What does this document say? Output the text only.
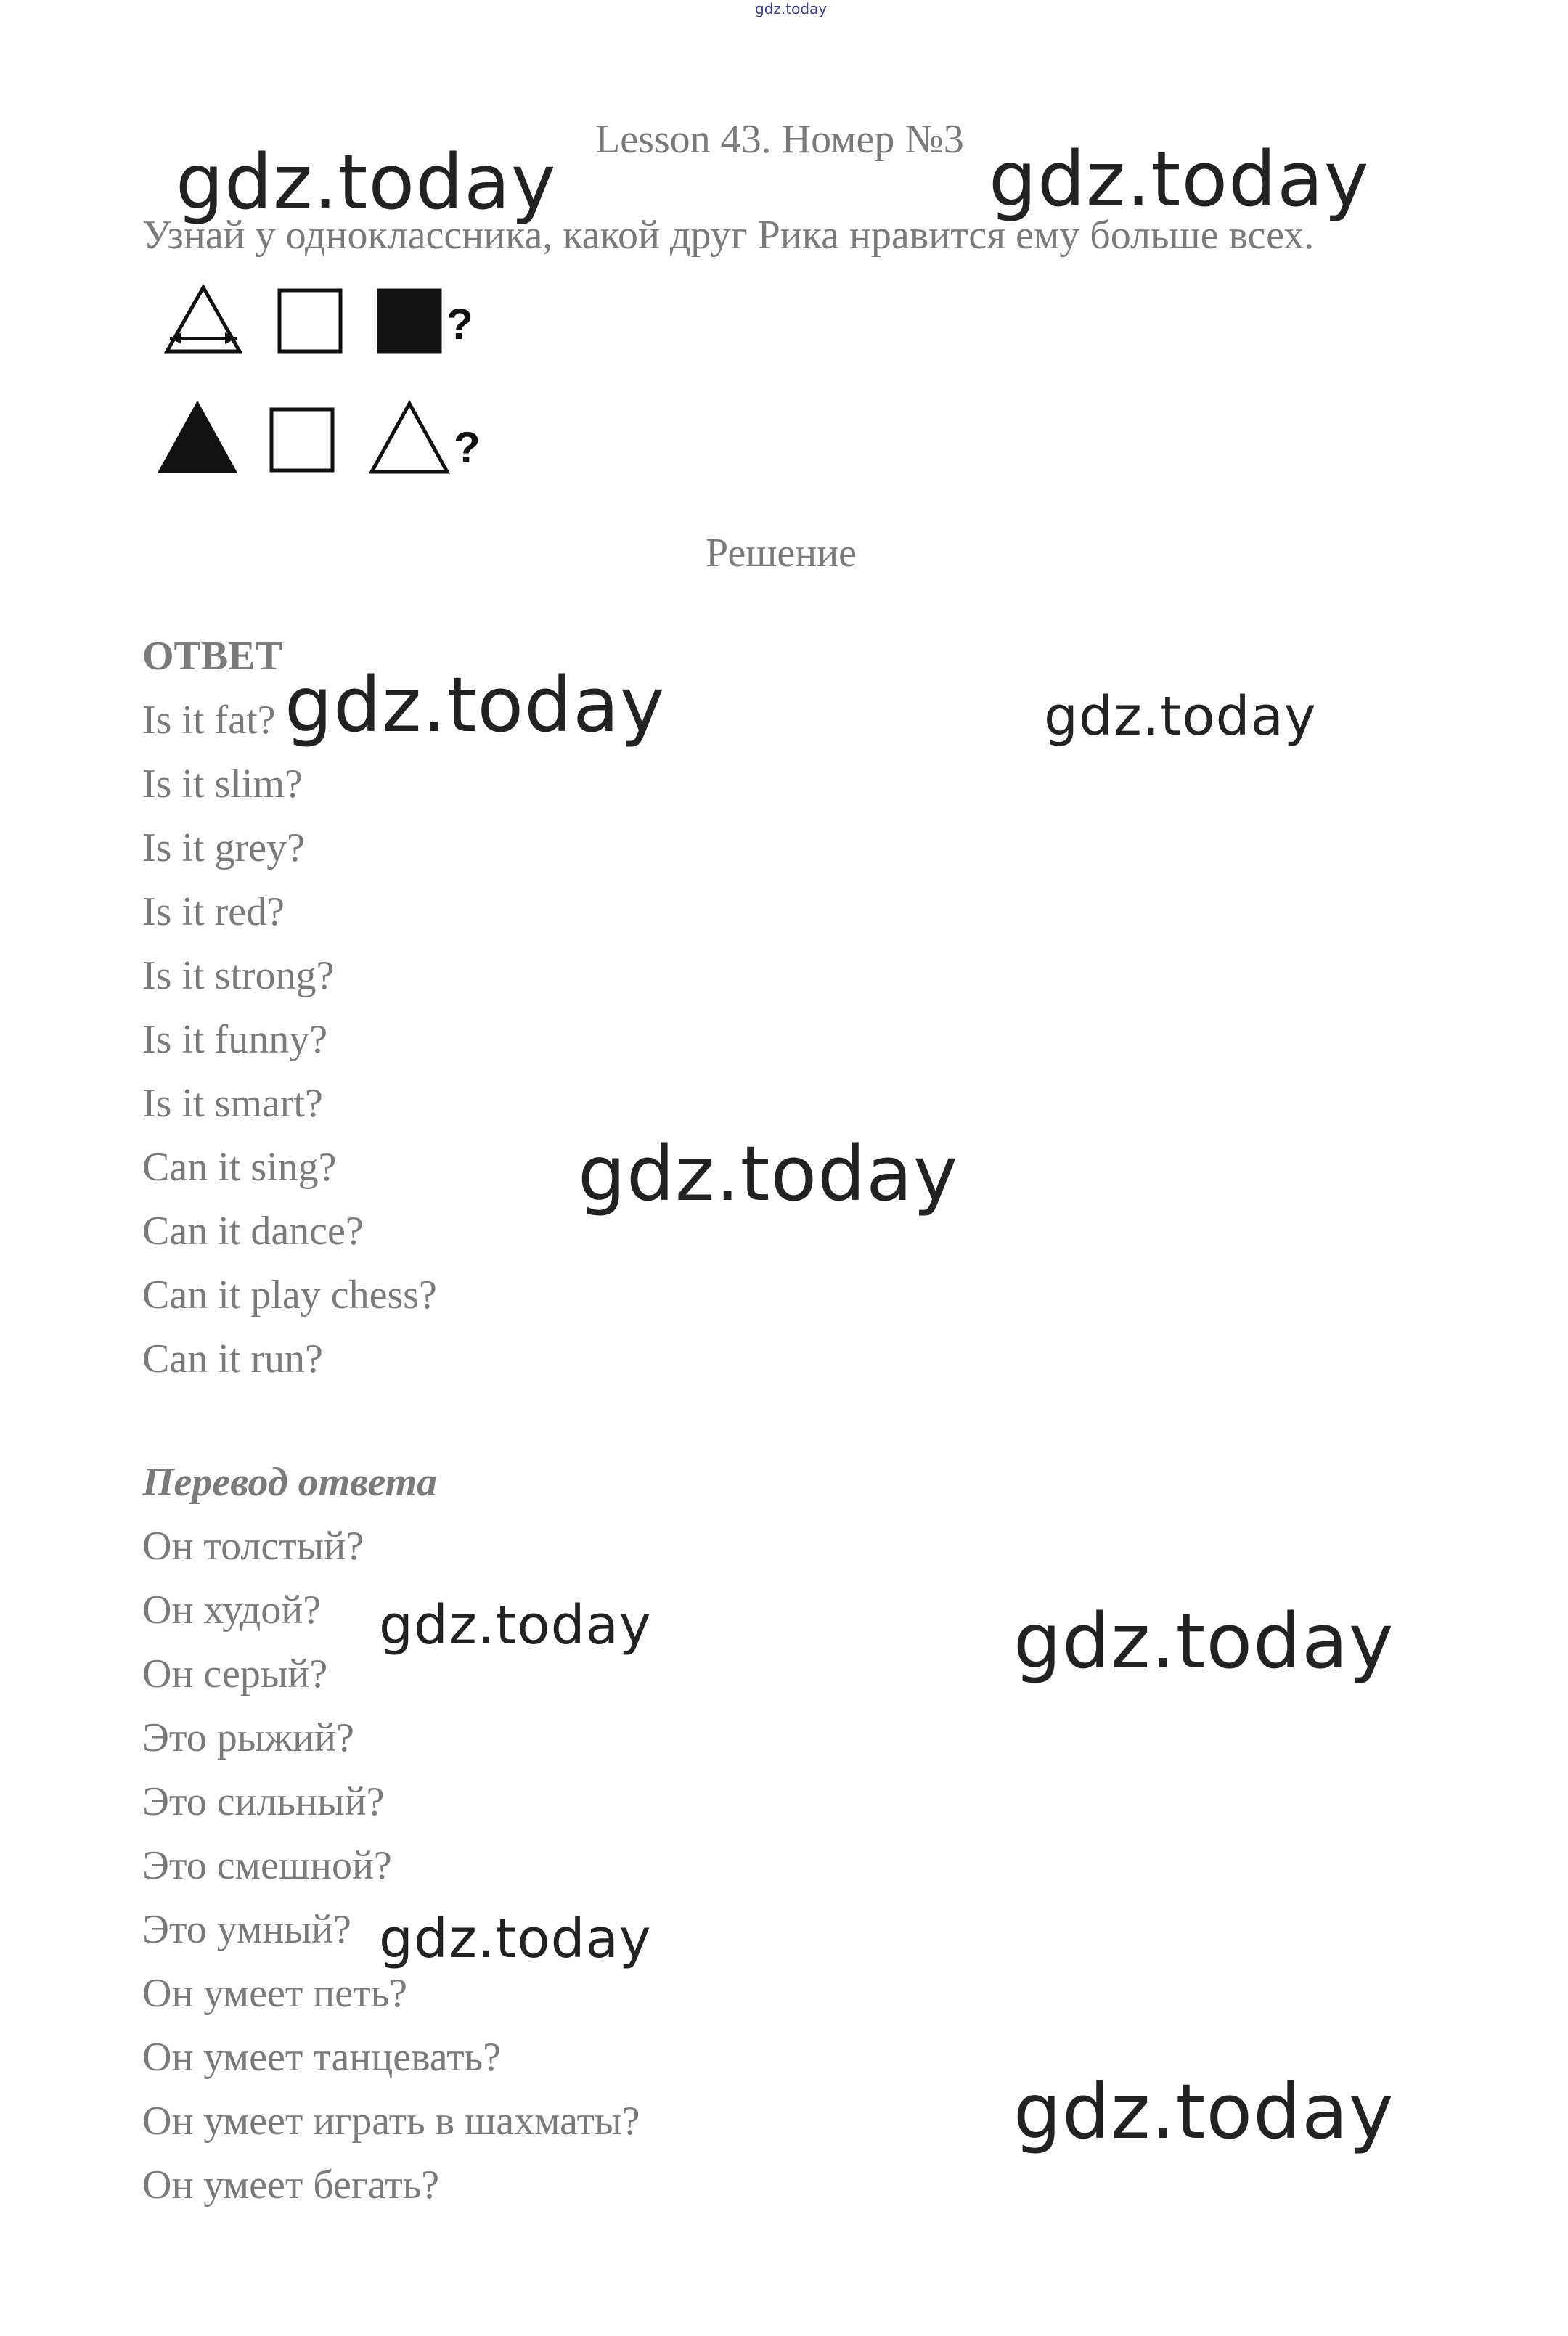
gdz.today
Lesson 43. Номер №3
Узнай у одноклассника, какой друг Рика нравится ему больше всех.
?
?
Решение
ОТВЕТ
Is it fat?
Is it slim?
Is it grey?
Is it red?
Is it strong?
Is it funny?
Is it smart?
Can it sing?
Can it dance?
Can it play chess?
Can it run?
Перевод ответа
Он толстый?
Он худой?
Он серый?
Это рыжий?
Это сильный?
Это смешной?
Это умный?
Он умеет петь?
Он умеет танцевать?
Он умеет играть в шахматы?
Он умеет бегать?
gdz.today	gdz.today
gdz.today	gdz.today
gdz.today
gdz.today	gdz.today
gdz.today
gdz.today
